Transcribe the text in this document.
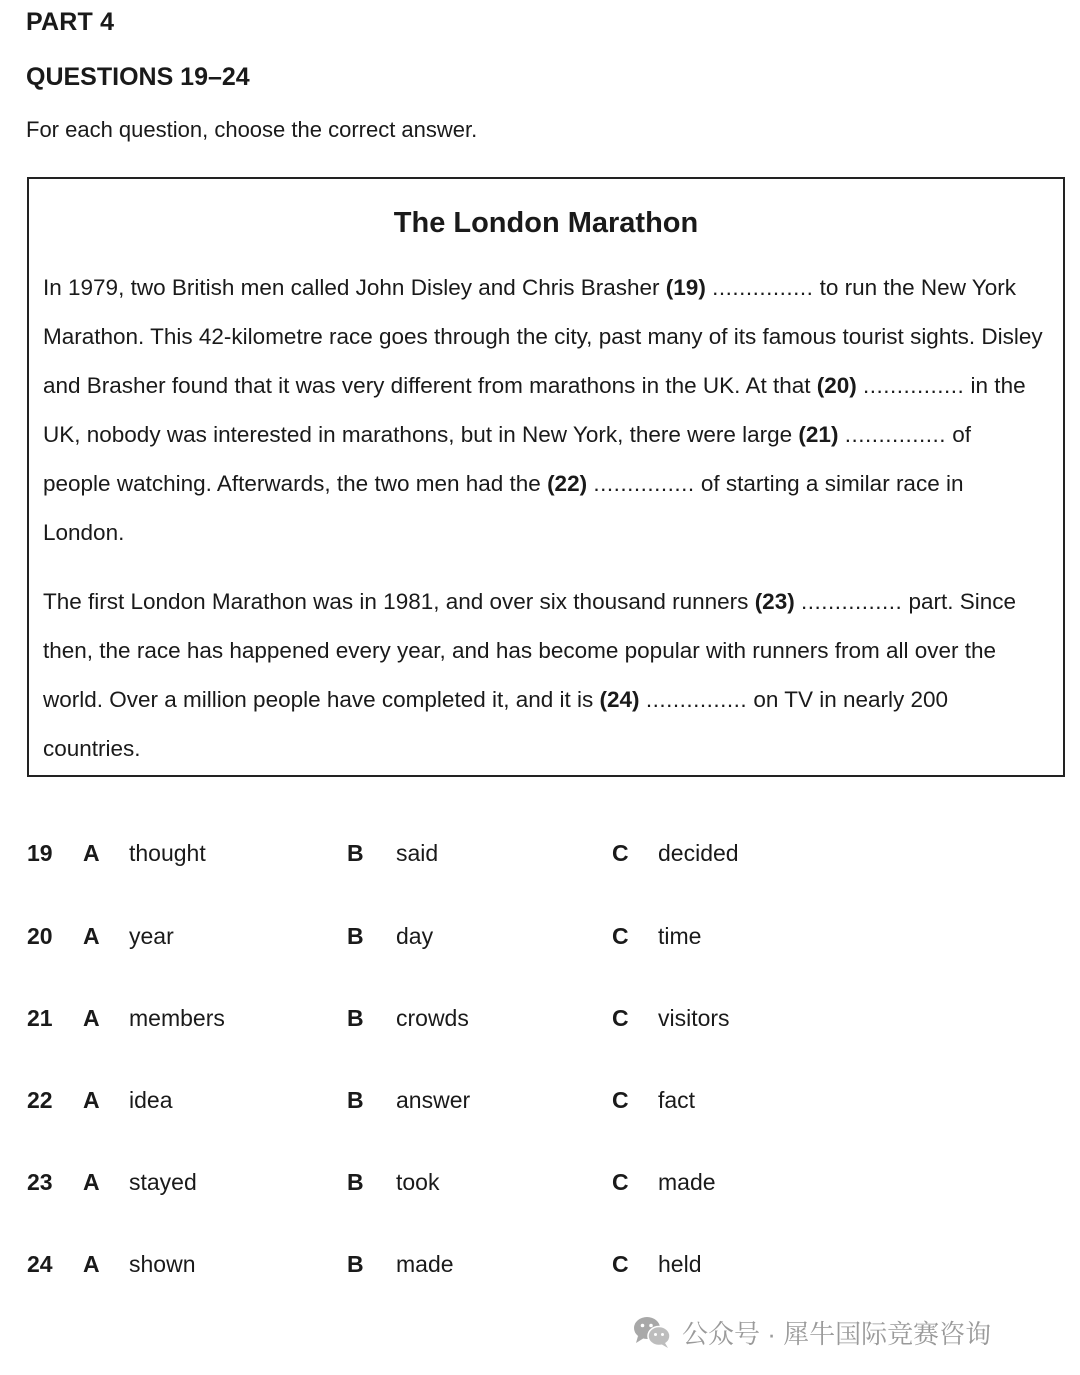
PART 4
QUESTIONS 19–24
For each question, choose the correct answer.
The London Marathon
In 1979, two British men called John Disley and Chris Brasher (19) ............... to run the New York Marathon. This 42-kilometre race goes through the city, past many of its famous tourist sights. Disley and Brasher found that it was very different from marathons in the UK. At that (20) ............... in the UK, nobody was interested in marathons, but in New York, there were large (21) ............... of people watching. Afterwards, the two men had the (22) ............... of starting a similar race in London.
The first London Marathon was in 1981, and over six thousand runners (23) ............... part. Since then, the race has happened every year, and has become popular with runners from all over the world. Over a million people have completed it, and it is (24) ............... on TV in nearly 200 countries.
19 A thought	B said	C decided
20 A year	B day	C time
21 A members	B crowds	C visitors
22 A idea	B answer	C fact
23 A stayed	B took	C made
24 A shown	B made	C held
公众号 · 犀牛国际竞赛咨询
